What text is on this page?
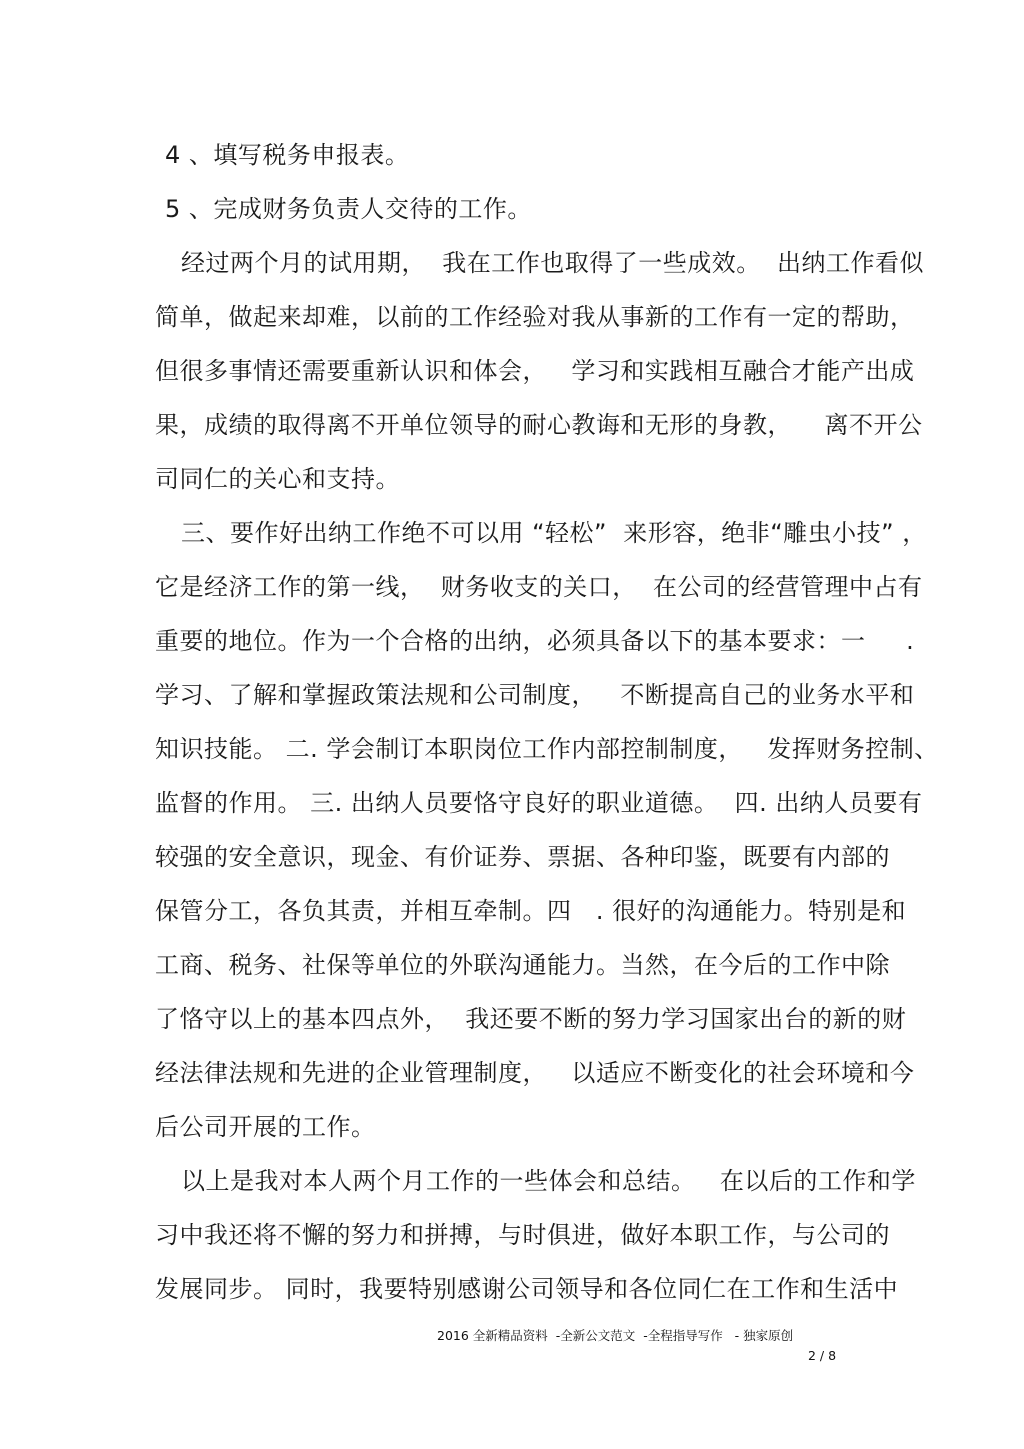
4 、填写税务申报表。
5 、完成财务负责人交待的工作。
经过两个月的试用期，  我在工作也取得了一些成效。  出纳工作看似
简单，做起来却难，以前的工作经验对我从事新的工作有一定的帮助，
但很多事情还需要重新认识和体会，   学习和实践相互融合才能产出成
果，成绩的取得离不开单位领导的耐心教诲和无形的身教，    离不开公
司同仁的关心和支持。
三、要作好出纳工作绝不可以用 “轻松”  来形容，绝非“雕虫小技” ，
它是经济工作的第一线，  财务收支的关口，  在公司的经营管理中占有
重要的地位。作为一个合格的出纳，必须具备以下的基本要求：一     .
学习、了解和掌握政策法规和公司制度，   不断提高自己的业务水平和
知识技能。 二. 学会制订本职岗位工作内部控制制度，   发挥财务控制、
监督的作用。 三. 出纳人员要恪守良好的职业道德。  四. 出纳人员要有
较强的安全意识，现金、有价证券、票据、各种印鉴，既要有内部的
保管分工，各负其责，并相互牵制。四   . 很好的沟通能力。特别是和
工商、税务、社保等单位的外联沟通能力。当然，在今后的工作中除
了恪守以上的基本四点外，  我还要不断的努力学习国家出台的新的财
经法律法规和先进的企业管理制度，   以适应不断变化的社会环境和今
后公司开展的工作。
以上是我对本人两个月工作的一些体会和总结。   在以后的工作和学
习中我还将不懈的努力和拼搏，与时俱进，做好本职工作，与公司的
发展同步。 同时，我要特别感谢公司领导和各位同仁在工作和生活中

2016 全新精品资料  -全新公文范文  -全程指导写作   - 独家原创

2 / 8
